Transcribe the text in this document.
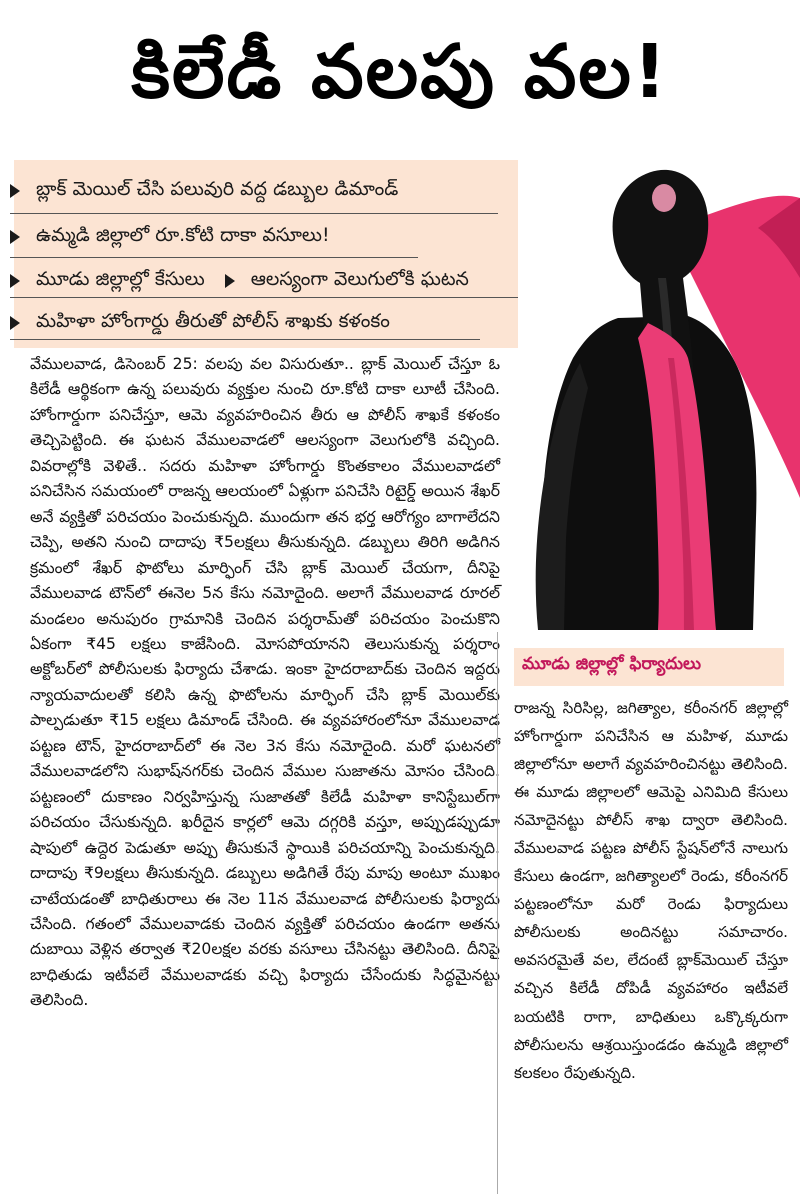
కిలేడీ వలపు వల!
బ్లాక్‌ మెయిల్‌ చేసి పలువురి వద్ద డబ్బుల డిమాండ్‌
ఉమ్మడి జిల్లాలో రూ.కోటి దాకా వసూలు!
మూడు జిల్లాల్లో కేసులు ఆలస్యంగా వెలుగులోకి ఘటన
మహిళా హోంగార్డు తీరుతో పోలీస్‌ శాఖకు కళంకం

వేములవాడ, డిసెంబర్‌ 25: వలపు వల విసురుతూ.. బ్లాక్‌ మెయిల్‌ చేస్తూ ఓ కిలేడీ ఆర్థికంగా ఉన్న పలువురు వ్యక్తుల నుంచి రూ.కోటి దాకా లూటీ చేసింది. హోంగార్డుగా పనిచేస్తూ, ఆమె వ్యవహరించిన తీరు ఆ పోలీస్‌ శాఖకే కళంకం తెచ్చిపెట్టింది. ఈ ఘటన వేములవాడలో ఆలస్యంగా వెలుగులోకి వచ్చింది. వివరాల్లోకి వెళితే.. సదరు మహిళా హోంగార్డు కొంతకాలం వేములవాడలో పనిచేసిన సమయంలో రాజన్న ఆలయంలో ఏళ్లుగా పనిచేసి రిటైర్డ్‌ అయిన శేఖర్‌ అనే వ్యక్తితో పరిచయం పెంచుకున్నది. ముందుగా తన భర్త ఆరోగ్యం బాగాలేదని చెప్పి, అతని నుంచి దాదాపు ₹5లక్షలు తీసుకున్నది. డబ్బులు తిరిగి అడిగిన క్రమంలో శేఖర్‌ ఫొటోలు మార్ఫింగ్‌ చేసి బ్లాక్‌ మెయిల్‌ చేయగా, దీనిపై వేములవాడ టౌన్‌లో ఈనెల 5న కేసు నమోదైంది. అలాగే వేములవాడ రూరల్‌ మండలం అనుపురం గ్రామానికి చెందిన పర్శరామ్‌తో పరిచయం పెంచుకొని ఏకంగా ₹45 లక్షలు కాజేసింది. మోసపోయానని తెలుసుకున్న పర్శరాం అక్టోబర్‌లో పోలీసులకు ఫిర్యాదు చేశాడు. ఇంకా హైదరాబాద్‌కు చెందిన ఇద్దరు న్యాయవాదులతో కలిసి ఉన్న ఫొటోలను మార్ఫింగ్‌ చేసి బ్లాక్‌ మెయిల్‌కు పాల్పడుతూ ₹15 లక్షలు డిమాండ్‌ చేసింది. ఈ వ్యవహారంలోనూ వేములవాడ పట్టణ టౌన్‌, హైదరాబాద్‌లో ఈ నెల 3న కేసు నమోదైంది. మరో ఘటనలో వేములవాడలోని సుభాష్‌నగర్‌కు చెందిన వేముల సుజాతను మోసం చేసింది. పట్టణంలో దుకాణం నిర్వహిస్తున్న సుజాతతో కిలేడీ మహిళా కానిస్టేబుల్‌గా పరిచయం చేసుకున్నది. ఖరీదైన కార్లలో ఆమె దగ్గరికి వస్తూ, అప్పుడప్పుడూ షాపులో ఉద్దెర పెడుతూ అప్పు తీసుకునే స్థాయికి పరిచయాన్ని పెంచుకున్నది. దాదాపు ₹9లక్షలు తీసుకున్నది. డబ్బులు అడిగితే రేపు మాపు అంటూ ముఖం చాటేయడంతో బాధితురాలు ఈ నెల 11న వేములవాడ పోలీసులకు ఫిర్యాదు చేసింది. గతంలో వేములవాడకు చెందిన వ్యక్తితో పరిచయం ఉండగా అతను దుబాయి వెళ్లిన తర్వాత ₹20లక్షల వరకు వసూలు చేసినట్టు తెలిసింది. దీనిపై బాధితుడు ఇటీవలే వేములవాడకు వచ్చి ఫిర్యాదు చేసేందుకు సిద్ధమైనట్టు తెలిసింది.

మూడు జిల్లాల్లో ఫిర్యాదులు

రాజన్న సిరిసిల్ల, జగిత్యాల, కరీంనగర్‌ జిల్లాల్లో హోంగార్డుగా పనిచేసిన ఆ మహిళ, మూడు జిల్లాలోనూ అలాగే వ్యవహరించినట్టు తెలిసింది. ఈ మూడు జిల్లాలలో ఆమెపై ఎనిమిది కేసులు నమోదైనట్టు పోలీస్‌ శాఖ ద్వారా తెలిసింది. వేములవాడ పట్టణ పోలీస్‌ స్టేషన్‌లోనే నాలుగు కేసులు ఉండగా, జగిత్యాలలో రెండు, కరీంనగర్‌ పట్టణంలోనూ మరో రెండు ఫిర్యాదులు పోలీసులకు అందినట్టు సమాచారం. అవసరమైతే వల, లేదంటే బ్లాక్‌మెయిల్‌ చేస్తూ వచ్చిన కిలేడీ దోపిడీ వ్యవహారం ఇటీవలే బయటికి రాగా, బాధితులు ఒక్కొక్కరుగా పోలీసులను ఆశ్రయిస్తుండడం ఉమ్మడి జిల్లాలో కలకలం రేపుతున్నది.
